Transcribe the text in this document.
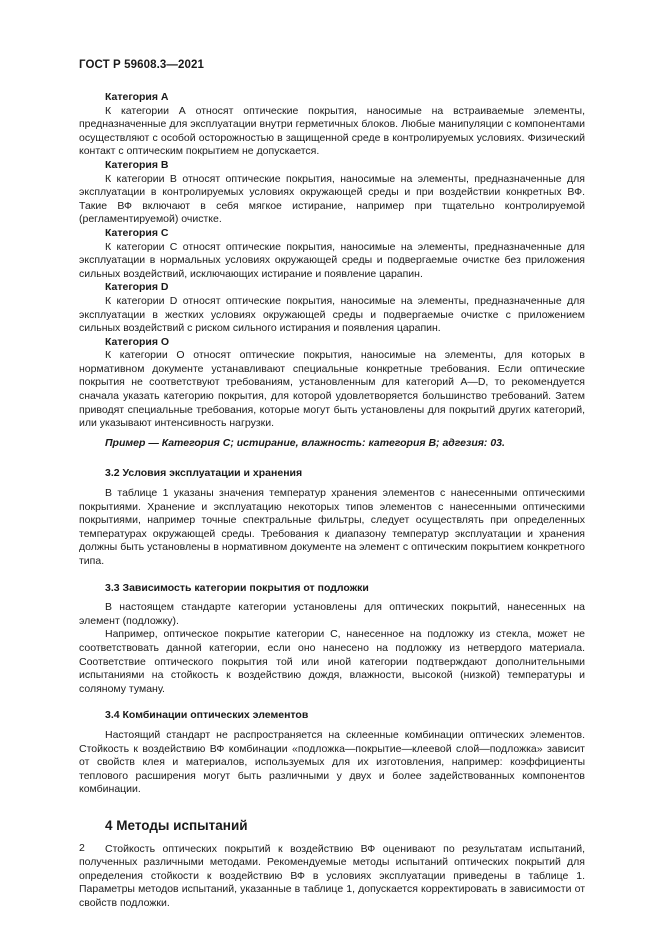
ГОСТ Р 59608.3—2021
Категория А

К категории А относят оптические покрытия, наносимые на встраиваемые элементы, предназначенные для эксплуатации внутри герметичных блоков. Любые манипуляции с компонентами осуществляют с особой осторожностью в защищенной среде в контролируемых условиях. Физический контакт с оптическим покрытием не допускается.

Категория В

К категории В относят оптические покрытия, наносимые на элементы, предназначенные для эксплуатации в контролируемых условиях окружающей среды и при воздействии конкретных ВФ. Такие ВФ включают в себя мягкое истирание, например при тщательно контролируемой (регламентируемой) очистке.

Категория С

К категории С относят оптические покрытия, наносимые на элементы, предназначенные для эксплуатации в нормальных условиях окружающей среды и подвергаемые очистке без приложения сильных воздействий, исключающих истирание и появление царапин.

Категория D

К категории D относят оптические покрытия, наносимые на элементы, предназначенные для эксплуатации в жестких условиях окружающей среды и подвергаемые очистке с приложением сильных воздействий с риском сильного истирания и появления царапин.

Категория О

К категории О относят оптические покрытия, наносимые на элементы, для которых в нормативном документе устанавливают специальные конкретные требования. Если оптические покрытия не соответствуют требованиям, установленным для категорий А—D, то рекомендуется сначала указать категорию покрытия, для которой удовлетворяется большинство требований. Затем приводят специальные требования, которые могут быть установлены для покрытий других категорий, или указывают интенсивность нагрузки.

Пример — Категория С; истирание, влажность: категория В; адгезия: 03.

3.2 Условия эксплуатации и хранения

В таблице 1 указаны значения температур хранения элементов с нанесенными оптическими покрытиями. Хранение и эксплуатацию некоторых типов элементов с нанесенными оптическими покрытиями, например точные спектральные фильтры, следует осуществлять при определенных температурах окружающей среды. Требования к диапазону температур эксплуатации и хранения должны быть установлены в нормативном документе на элемент с оптическим покрытием конкретного типа.

3.3 Зависимость категории покрытия от подложки

В настоящем стандарте категории установлены для оптических покрытий, нанесенных на элемент (подложку).

Например, оптическое покрытие категории С, нанесенное на подложку из стекла, может не соответствовать данной категории, если оно нанесено на подложку из нетвердого материала. Соответствие оптического покрытия той или иной категории подтверждают дополнительными испытаниями на стойкость к воздействию дождя, влажности, высокой (низкой) температуры и соляному туману.

3.4 Комбинации оптических элементов

Настоящий стандарт не распространяется на склеенные комбинации оптических элементов. Стойкость к воздействию ВФ комбинации «подложка—покрытие—клеевой слой—подложка» зависит от свойств клея и материалов, используемых для их изготовления, например: коэффициенты теплового расширения могут быть различными у двух и более задействованных компонентов комбинации.

4 Методы испытаний

Стойкость оптических покрытий к воздействию ВФ оценивают по результатам испытаний, полученных различными методами. Рекомендуемые методы испытаний оптических покрытий для определения стойкости к воздействию ВФ в условиях эксплуатации приведены в таблице 1. Параметры методов испытаний, указанные в таблице 1, допускается корректировать в зависимости от свойств подложки.

2
